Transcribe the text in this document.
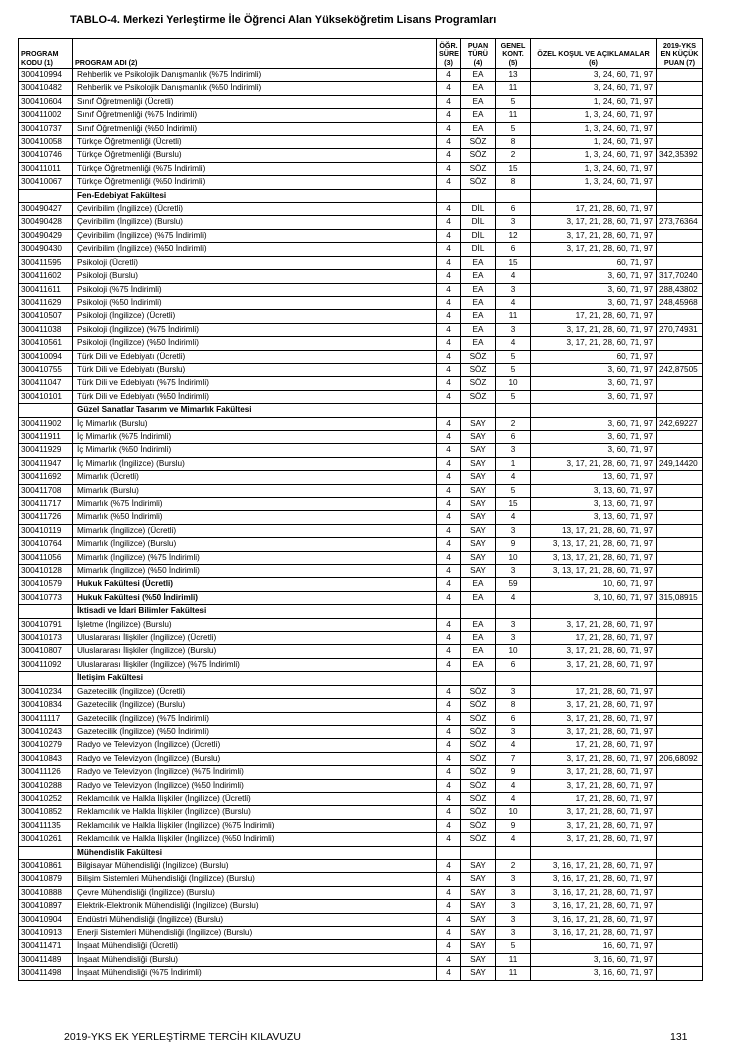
TABLO-4. Merkezi Yerleştirme İle Öğrenci Alan Yükseköğretim Lisans Programları
PROGRAM KODU (1)	PROGRAM ADI (2)	ÖĞR. SÜRE (3)	PUAN TÜRÜ (4)	GENEL KONT. (5)	ÖZEL KOŞUL VE AÇIKLAMALAR (6)	2019-YKS EN KÜÇÜK PUAN (7)
300410994	Rehberlik ve Psikolojik Danışmanlık (%75 İndirimli)	4	EA	13	3, 24, 60, 71, 97	
300410482	Rehberlik ve Psikolojik Danışmanlık (%50 İndirimli)	4	EA	11	3, 24, 60, 71, 97	
300410604	Sınıf Öğretmenliği (Ücretli)	4	EA	5	1, 24, 60, 71, 97	
300411002	Sınıf Öğretmenliği (%75 İndirimli)	4	EA	11	1, 3, 24, 60, 71, 97	
300410737	Sınıf Öğretmenliği (%50 İndirimli)	4	EA	5	1, 3, 24, 60, 71, 97	
300410058	Türkçe Öğretmenliği (Ücretli)	4	SÖZ	8	1, 24, 60, 71, 97	
300410746	Türkçe Öğretmenliği (Burslu)	4	SÖZ	2	1, 3, 24, 60, 71, 97	342,35392
300411011	Türkçe Öğretmenliği (%75 İndirimli)	4	SÖZ	15	1, 3, 24, 60, 71, 97	
300410067	Türkçe Öğretmenliği (%50 İndirimli)	4	SÖZ	8	1, 3, 24, 60, 71, 97	
	Fen-Edebiyat Fakültesi					
300490427	Çeviribilim (İngilizce) (Ücretli)	4	DİL	6	17, 21, 28, 60, 71, 97	
300490428	Çeviribilim (İngilizce) (Burslu)	4	DİL	3	3, 17, 21, 28, 60, 71, 97	273,76364
300490429	Çeviribilim (İngilizce) (%75 İndirimli)	4	DİL	12	3, 17, 21, 28, 60, 71, 97	
300490430	Çeviribilim (İngilizce) (%50 İndirimli)	4	DİL	6	3, 17, 21, 28, 60, 71, 97	
300411595	Psikoloji (Ücretli)	4	EA	15	60, 71, 97	
300411602	Psikoloji (Burslu)	4	EA	4	3, 60, 71, 97	317,70240
300411611	Psikoloji (%75 İndirimli)	4	EA	3	3, 60, 71, 97	288,43802
300411629	Psikoloji (%50 İndirimli)	4	EA	4	3, 60, 71, 97	248,45968
300410507	Psikoloji (İngilizce) (Ücretli)	4	EA	11	17, 21, 28, 60, 71, 97	
300411038	Psikoloji (İngilizce) (%75 İndirimli)	4	EA	3	3, 17, 21, 28, 60, 71, 97	270,74931
300410561	Psikoloji (İngilizce) (%50 İndirimli)	4	EA	4	3, 17, 21, 28, 60, 71, 97	
300410094	Türk Dili ve Edebiyatı (Ücretli)	4	SÖZ	5	60, 71, 97	
300410755	Türk Dili ve Edebiyatı (Burslu)	4	SÖZ	5	3, 60, 71, 97	242,87505
300411047	Türk Dili ve Edebiyatı (%75 İndirimli)	4	SÖZ	10	3, 60, 71, 97	
300410101	Türk Dili ve Edebiyatı (%50 İndirimli)	4	SÖZ	5	3, 60, 71, 97	
	Güzel Sanatlar Tasarım ve Mimarlık Fakültesi					
300411902	İç Mimarlık (Burslu)	4	SAY	2	3, 60, 71, 97	242,69227
300411911	İç Mimarlık (%75 İndirimli)	4	SAY	6	3, 60, 71, 97	
300411929	İç Mimarlık (%50 İndirimli)	4	SAY	3	3, 60, 71, 97	
300411947	İç Mimarlık (İngilizce) (Burslu)	4	SAY	1	3, 17, 21, 28, 60, 71, 97	249,14420
300411692	Mimarlık (Ücretli)	4	SAY	4	13, 60, 71, 97	
300411708	Mimarlık (Burslu)	4	SAY	5	3, 13, 60, 71, 97	
300411717	Mimarlık (%75 İndirimli)	4	SAY	15	3, 13, 60, 71, 97	
300411726	Mimarlık (%50 İndirimli)	4	SAY	4	3, 13, 60, 71, 97	
300410119	Mimarlık (İngilizce) (Ücretli)	4	SAY	3	13, 17, 21, 28, 60, 71, 97	
300410764	Mimarlık (İngilizce) (Burslu)	4	SAY	9	3, 13, 17, 21, 28, 60, 71, 97	
300411056	Mimarlık (İngilizce) (%75 İndirimli)	4	SAY	10	3, 13, 17, 21, 28, 60, 71, 97	
300410128	Mimarlık (İngilizce) (%50 İndirimli)	4	SAY	3	3, 13, 17, 21, 28, 60, 71, 97	
300410579	Hukuk Fakültesi (Ücretli)	4	EA	59	10, 60, 71, 97	
300410773	Hukuk Fakültesi (%50 İndirimli)	4	EA	4	3, 10, 60, 71, 97	315,08915
	İktisadi ve İdari Bilimler Fakültesi					
300410791	İşletme (İngilizce) (Burslu)	4	EA	3	3, 17, 21, 28, 60, 71, 97	
300410173	Uluslararası İlişkiler (İngilizce) (Ücretli)	4	EA	3	17, 21, 28, 60, 71, 97	
300410807	Uluslararası İlişkiler (İngilizce) (Burslu)	4	EA	10	3, 17, 21, 28, 60, 71, 97	
300411092	Uluslararası İlişkiler (İngilizce) (%75 İndirimli)	4	EA	6	3, 17, 21, 28, 60, 71, 97	
	İletişim Fakültesi					
300410234	Gazetecilik (İngilizce) (Ücretli)	4	SÖZ	3	17, 21, 28, 60, 71, 97	
300410834	Gazetecilik (İngilizce) (Burslu)	4	SÖZ	8	3, 17, 21, 28, 60, 71, 97	
300411117	Gazetecilik (İngilizce) (%75 İndirimli)	4	SÖZ	6	3, 17, 21, 28, 60, 71, 97	
300410243	Gazetecilik (İngilizce) (%50 İndirimli)	4	SÖZ	3	3, 17, 21, 28, 60, 71, 97	
300410279	Radyo ve Televizyon (İngilizce) (Ücretli)	4	SÖZ	4	17, 21, 28, 60, 71, 97	
300410843	Radyo ve Televizyon (İngilizce) (Burslu)	4	SÖZ	7	3, 17, 21, 28, 60, 71, 97	206,68092
300411126	Radyo ve Televizyon (İngilizce) (%75 İndirimli)	4	SÖZ	9	3, 17, 21, 28, 60, 71, 97	
300410288	Radyo ve Televizyon (İngilizce) (%50 İndirimli)	4	SÖZ	4	3, 17, 21, 28, 60, 71, 97	
300410252	Reklamcılık ve Halkla İlişkiler (İngilizce) (Ücretli)	4	SÖZ	4	17, 21, 28, 60, 71, 97	
300410852	Reklamcılık ve Halkla İlişkiler (İngilizce) (Burslu)	4	SÖZ	10	3, 17, 21, 28, 60, 71, 97	
300411135	Reklamcılık ve Halkla İlişkiler (İngilizce) (%75 İndirimli)	4	SÖZ	9	3, 17, 21, 28, 60, 71, 97	
300410261	Reklamcılık ve Halkla İlişkiler (İngilizce) (%50 İndirimli)	4	SÖZ	4	3, 17, 21, 28, 60, 71, 97	
	Mühendislik Fakültesi					
300410861	Bilgisayar Mühendisliği (İngilizce) (Burslu)	4	SAY	2	3, 16, 17, 21, 28, 60, 71, 97	
300410879	Bilişim Sistemleri Mühendisliği (İngilizce) (Burslu)	4	SAY	3	3, 16, 17, 21, 28, 60, 71, 97	
300410888	Çevre Mühendisliği (İngilizce) (Burslu)	4	SAY	3	3, 16, 17, 21, 28, 60, 71, 97	
300410897	Elektrik-Elektronik Mühendisliği (İngilizce) (Burslu)	4	SAY	3	3, 16, 17, 21, 28, 60, 71, 97	
300410904	Endüstri Mühendisliği (İngilizce) (Burslu)	4	SAY	3	3, 16, 17, 21, 28, 60, 71, 97	
300410913	Enerji Sistemleri Mühendisliği (İngilizce) (Burslu)	4	SAY	3	3, 16, 17, 21, 28, 60, 71, 97	
300411471	İnşaat Mühendisliği (Ücretli)	4	SAY	5	16, 60, 71, 97	
300411489	İnşaat Mühendisliği (Burslu)	4	SAY	11	3, 16, 60, 71, 97	
300411498	İnşaat Mühendisliği (%75 İndirimli)	4	SAY	11	3, 16, 60, 71, 97	
2019-YKS EK YERLEŞTİRME TERCİH KILAVUZU	131
